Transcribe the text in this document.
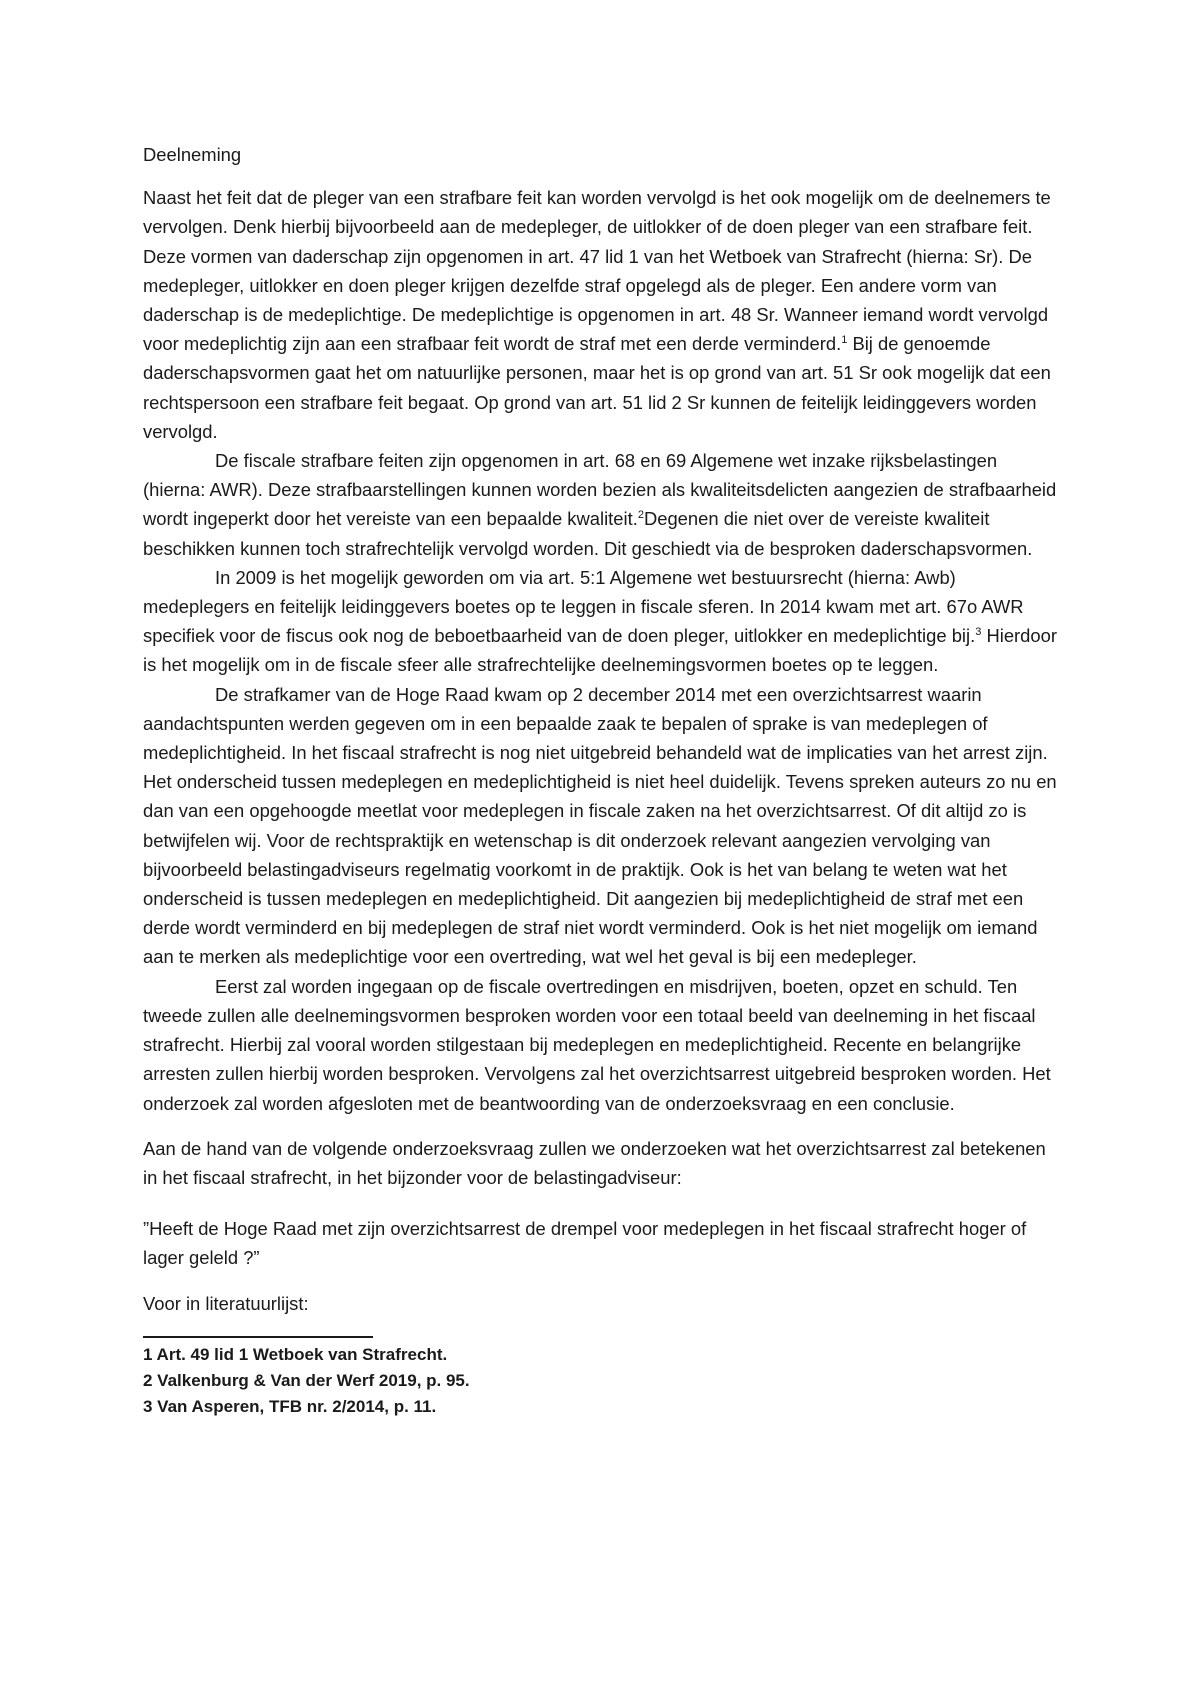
Deelneming

Naast het feit dat de pleger van een strafbare feit kan worden vervolgd is het ook mogelijk om de deelnemers te vervolgen. Denk hierbij bijvoorbeeld aan de medepleger, de uitlokker of de doen pleger van een strafbare feit. Deze vormen van daderschap zijn opgenomen in art. 47 lid 1 van het Wetboek van Strafrecht (hierna: Sr). De medepleger, uitlokker en doen pleger krijgen dezelfde straf opgelegd als de pleger. Een andere vorm van daderschap is de medeplichtige. De medeplichtige is opgenomen in art. 48 Sr. Wanneer iemand wordt vervolgd voor medeplichtig zijn aan een strafbaar feit wordt de straf met een derde verminderd.$^1$ Bij de genoemde daderschapsvormen gaat het om natuurlijke personen, maar het is op grond van art. 51 Sr ook mogelijk dat een rechtspersoon een strafbare feit begaat. Op grond van art. 51 lid 2 Sr kunnen de feitelijk leidinggevers worden vervolgd.

De fiscale strafbare feiten zijn opgenomen in art. 68 en 69 Algemene wet inzake rijksbelastingen (hierna: AWR). Deze strafbaarstellingen kunnen worden bezien als kwaliteitsdelicten aangezien de strafbaarheid wordt ingeperkt door het vereiste van een bepaalde kwaliteit.$^2$Degenen die niet over de vereiste kwaliteit beschikken kunnen toch strafrechtelijk vervolgd worden. Dit geschiedt via de besproken daderschapsvormen.

In 2009 is het mogelijk geworden om via art. 5:1 Algemene wet bestuursrecht (hierna: Awb) medeplegers en feitelijk leidinggevers boetes op te leggen in fiscale sferen. In 2014 kwam met art. 67o AWR specifiek voor de fiscus ook nog de beboetbaarheid van de doen pleger, uitlokker en medeplichtige bij.$^3$ Hierdoor is het mogelijk om in de fiscale sfeer alle strafrechtelijke deelnemingsvormen boetes op te leggen.

De strafkamer van de Hoge Raad kwam op 2 december 2014 met een overzichtsarrest waarin aandachtspunten werden gegeven om in een bepaalde zaak te bepalen of sprake is van medeplegen of medeplichtigheid. In het fiscaal strafrecht is nog niet uitgebreid behandeld wat de implicaties van het arrest zijn. Het onderscheid tussen medeplegen en medeplichtigheid is niet heel duidelijk. Tevens spreken auteurs zo nu en dan van een opgehoogde meetlat voor medeplegen in fiscale zaken na het overzichtsarrest. Of dit altijd zo is betwijfelen wij. Voor de rechtspraktijk en wetenschap is dit onderzoek relevant aangezien vervolging van bijvoorbeeld belastingadviseurs regelmatig voorkomt in de praktijk. Ook is het van belang te weten wat het onderscheid is tussen medeplegen en medeplichtigheid. Dit aangezien bij medeplichtigheid de straf met een derde wordt verminderd en bij medeplegen de straf niet wordt verminderd. Ook is het niet mogelijk om iemand aan te merken als medeplichtige voor een overtreding, wat wel het geval is bij een medepleger.

Eerst zal worden ingegaan op de fiscale overtredingen en misdrijven, boeten, opzet en schuld. Ten tweede zullen alle deelnemingsvormen besproken worden voor een totaal beeld van deelneming in het fiscaal strafrecht. Hierbij zal vooral worden stilgestaan bij medeplegen en medeplichtigheid. Recente en belangrijke arresten zullen hierbij worden besproken. Vervolgens zal het overzichtsarrest uitgebreid besproken worden. Het onderzoek zal worden afgesloten met de beantwoording van de onderzoeksvraag en een conclusie.

Aan de hand van de volgende onderzoeksvraag zullen we onderzoeken wat het overzichtsarrest zal betekenen in het fiscaal strafrecht, in het bijzonder voor de belastingadviseur:

”Heeft de Hoge Raad met zijn overzichtsarrest de drempel voor medeplegen in het fiscaal strafrecht hoger of lager geleld ?”

Voor in literatuurlijst:

1 Art. 49 lid 1 Wetboek van Strafrecht.
2 Valkenburg & Van der Werf 2019, p. 95.
3 Van Asperen, TFB nr. 2/2014, p. 11.
